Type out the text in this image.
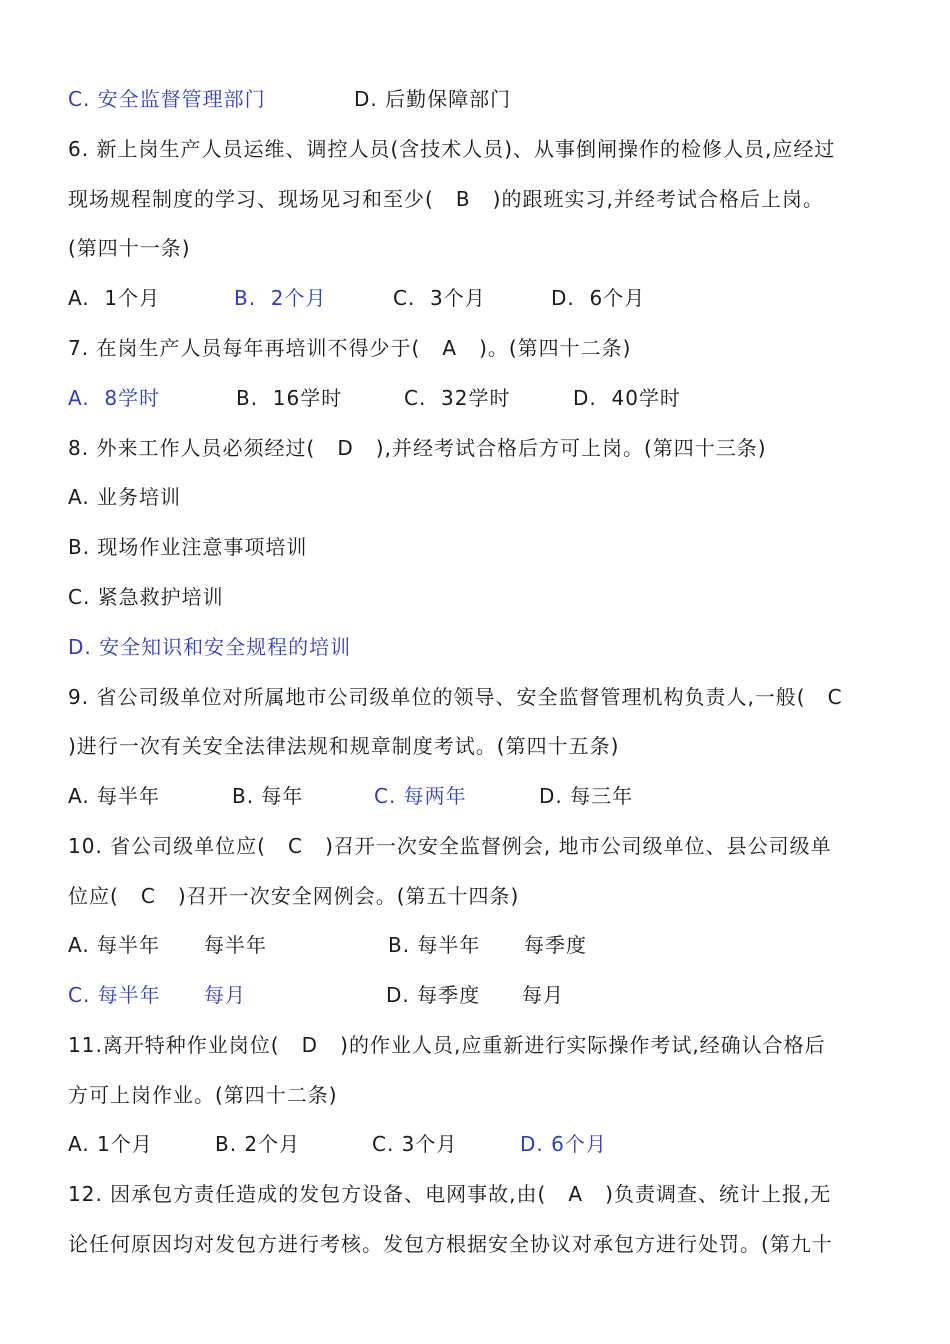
C. 安全监督管理部门

	D. 后勤保障部门

6. 新上岗生产人员运维、调控人员(含技术人员)、从事倒闸操作的检修人员,应经过
现场规程制度的学习、现场见习和至少(   B   )的跟班实习,并经考试合格后上岗。
(第四十一条)

A.  1个月

	B.  2个月

	C.  3个月

	D.  6个月

7. 在岗生产人员每年再培训不得少于(   A   )。(第四十二条)

A.  8学时

	B.  16学时

	C.  32学时

	D.  40学时

8. 外来工作人员必须经过(   D   ),并经考试合格后方可上岗。(第四十三条)
A. 业务培训
B. 现场作业注意事项培训
C. 紧急救护培训
D. 安全知识和安全规程的培训
9. 省公司级单位对所属地市公司级单位的领导、安全监督管理机构负责人,一般(   C
)进行一次有关安全法律法规和规章制度考试。(第四十五条)

A. 每半年

	B. 每年

	C. 每两年

	D. 每三年

10. 省公司级单位应(   C   )召开一次安全监督例会, 地市公司级单位、县公司级单
位应(   C   )召开一次安全网例会。(第五十四条)

A. 每半年

每半年

	B. 每半年

每季度

C. 每半年

每月

	D. 每季度

每月

11.离开特种作业岗位(   D   )的作业人员,应重新进行实际操作考试,经确认合格后
方可上岗作业。(第四十二条)

A. 1个月

	B. 2个月

	C. 3个月

	D. 6个月

12. 因承包方责任造成的发包方设备、电网事故,由(   A   )负责调查、统计上报,无
论任何原因均对发包方进行考核。发包方根据安全协议对承包方进行处罚。(第九十
